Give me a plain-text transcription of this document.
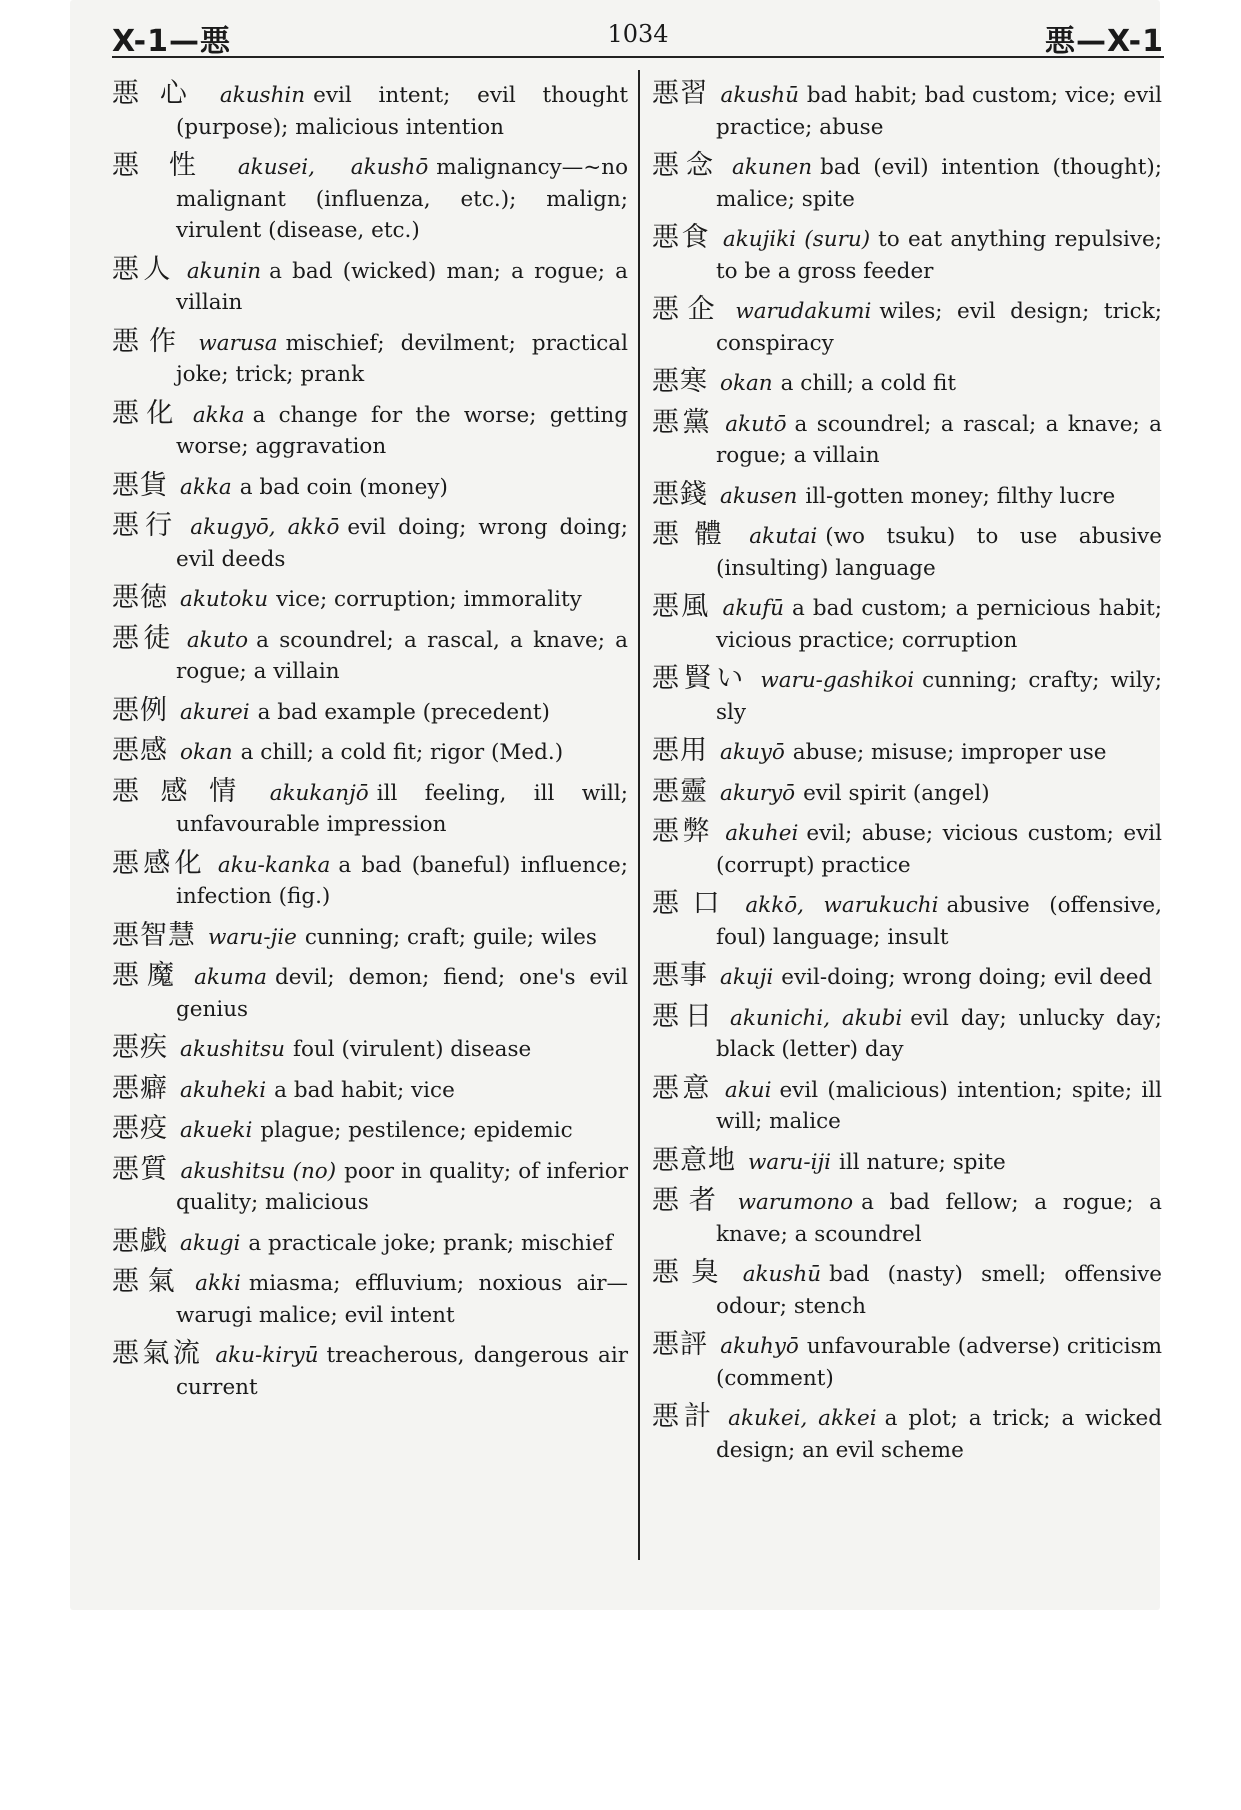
X-1—悪	1034	悪—X-1
悪心 akushin evil intent; evil thought (purpose); malicious intention
悪性 akusei, akushō malignancy—~no malignant (influenza, etc.); malign; virulent (disease, etc.)
悪人 akunin a bad (wicked) man; a rogue; a villain
悪作 warusa mischief; devilment; practical joke; trick; prank
悪化 akka a change for the worse; getting worse; aggravation
悪貨 akka a bad coin (money)
悪行 akugyō, akkō evil doing; wrong doing; evil deeds
悪徳 akutoku vice; corruption; immorality
悪徒 akuto a scoundrel; a rascal, a knave; a rogue; a villain
悪例 akurei a bad example (precedent)
悪感 okan a chill; a cold fit; rigor (Med.)
悪感情 akukanjō ill feeling, ill will; unfavourable impression
悪感化 aku-kanka a bad (baneful) influence; infection (fig.)
悪智慧 waru-jie cunning; craft; guile; wiles
悪魔 akuma devil; demon; fiend; one's evil genius
悪疾 akushitsu foul (virulent) disease
悪癖 akuheki a bad habit; vice
悪疫 akueki plague; pestilence; epidemic
悪質 akushitsu (no) poor in quality; of inferior quality; malicious
悪戯 akugi a practicale joke; prank; mischief
悪氣 akki miasma; effluvium; noxious air—warugi malice; evil intent
悪氣流 aku-kiryū treacherous, dangerous air current
悪習 akushū bad habit; bad custom; vice; evil practice; abuse
悪念 akunen bad (evil) intention (thought); malice; spite
悪食 akujiki (suru) to eat anything repulsive; to be a gross feeder
悪企 warudakumi wiles; evil design; trick; conspiracy
悪寒 okan a chill; a cold fit
悪黨 akutō a scoundrel; a rascal; a knave; a rogue; a villain
悪錢 akusen ill-gotten money; filthy lucre
悪體 akutai (wo tsuku) to use abusive (insulting) language
悪風 akufū a bad custom; a pernicious habit; vicious practice; corruption
悪賢い waru-gashikoi cunning; crafty; wily; sly
悪用 akuyō abuse; misuse; improper use
悪靈 akuryō evil spirit (angel)
悪弊 akuhei evil; abuse; vicious custom; evil (corrupt) practice
悪口 akkō, warukuchi abusive (offensive, foul) language; insult
悪事 akuji evil-doing; wrong doing; evil deed
悪日 akunichi, akubi evil day; unlucky day; black (letter) day
悪意 akui evil (malicious) intention; spite; ill will; malice
悪意地 waru-iji ill nature; spite
悪者 warumono a bad fellow; a rogue; a knave; a scoundrel
悪臭 akushū bad (nasty) smell; offensive odour; stench
悪評 akuhyō unfavourable (adverse) criticism (comment)
悪計 akukei, akkei a plot; a trick; a wicked design; an evil scheme
